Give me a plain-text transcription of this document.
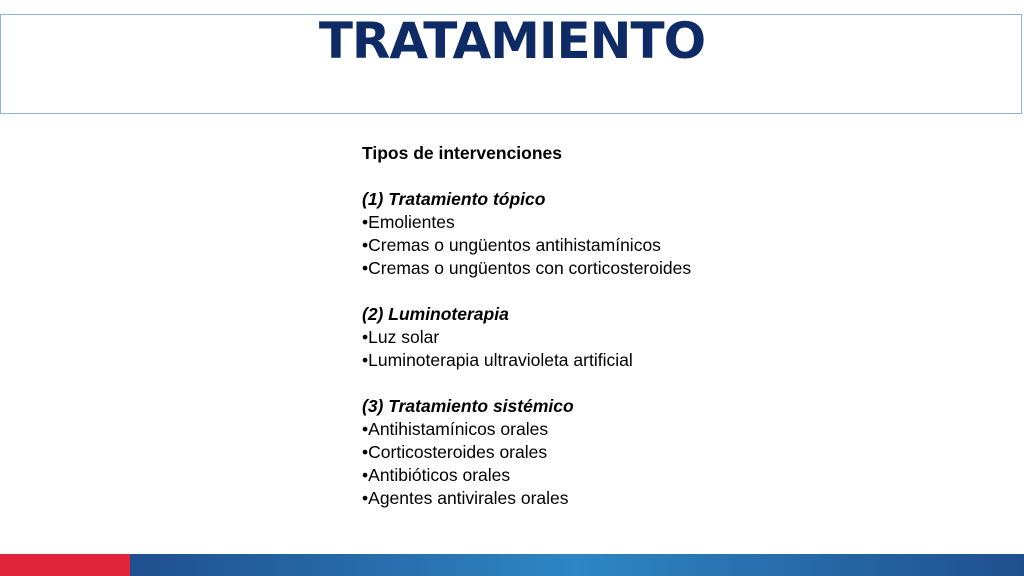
TRATAMIENTO
Tipos de intervenciones
(1) Tratamiento tópico
• Emolientes
• Cremas o ungüentos antihistamínicos
• Cremas o ungüentos con corticosteroides
(2) Luminoterapia
• Luz solar
• Luminoterapia ultravioleta artificial
(3) Tratamiento sistémico
• Antihistamínicos orales
• Corticosteroides orales
• Antibióticos orales
• Agentes antivirales orales
